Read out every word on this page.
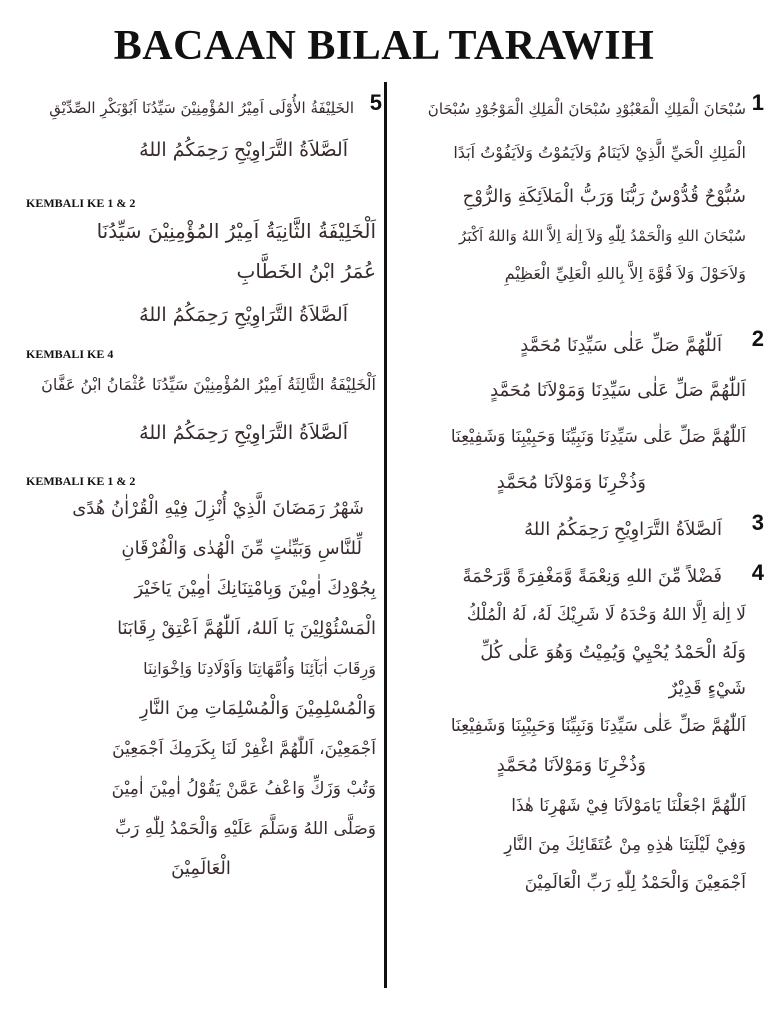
BACAAN BILAL TARAWIH
5
الخَلِيْفَةُ الأُوْلَى اَمِيْرُ المُؤْمِنِيْنَ سَيِّدُنَا اَبُوْبَكْرِ الصِّدِّيْقِ
اَلصَّلاَةُ التَّرَاوِيْحِ رَحِمَكُمُ اللهُ

KEMBALI KE 1 & 2

اَلْخَلِيْفَةُ الثَّانِيَةُ اَمِيْرُ المُؤْمِنِيْنَ سَيِّدُنَا
عُمَرُ ابْنُ الخَطَّابِ
اَلصَّلاَةُ التَّرَاوِيْحِ رَحِمَكُمُ اللهُ

KEMBALI KE 4

اَلْخَلِيْفَةُ الثَّالِثَةُ اَمِيْرُ المُؤْمِنِيْنَ سَيِّدُنَا عُثْمَانُ ابْنُ عَفَّانَ
اَلصَّلاَةُ التَّرَاوِيْحِ رَحِمَكُمُ اللهُ

KEMBALI KE 1 & 2

شَهْرُ رَمَضَانَ الَّذِيْ أُنْزِلَ فِيْهِ الْقُرْاٰنُ هُدًى
لِّلنَّاسِ وَبَيِّنٰتٍ مِّنَ الْهُدٰى وَالْفُرْقَانِ
بِجُوْدِكَ اٰمِيْنَ وَبِامْتِنَانِكَ اٰمِيْنَ يَاخَيْرَ
الْمَسْئُوْلِيْنَ يَا اَللهُ، اَللّٰهُمَّ اَعْتِقْ رِقَابَنَا
وَرِقَابَ اٰبَآئِنَا وَاُمَّهَاتِنَا وَاَوْلَادِنَا وَاِخْوَانِنَا
وَالْمُسْلِمِيْنَ وَالْمُسْلِمَاتِ مِنَ النَّارِ
اَجْمَعِيْنَ، اَللّٰهُمَّ اغْفِرْ لَنَا بِكَرَمِكَ اَجْمَعِيْنَ
وَتُبْ وَزَكِّ وَاعْفُ عَمَّنْ يَقُوْلُ اٰمِيْنَ اٰمِيْنَ
وَصَلَّى اللهُ وَسَلَّمَ عَلَيْهِ وَالْحَمْدُ لِلّٰهِ رَبِّ
الْعَالَمِيْنَ
1
سُبْحَانَ الْمَلِكِ الْمَعْبُوْدِ سُبْحَانَ الْمَلِكِ الْمَوْجُوْدِ سُبْحَانَ
الْمَلِكِ الْحَيِّ الَّذِيْ لاَيَنَامُ وَلاَيَمُوْتُ وَلاَيَفُوْتُ اَبَدًا
سُبُّوْحٌ قُدُّوْسٌ رَبُّنَا وَرَبُّ الْمَلاَئِكَةِ وَالرُّوْحِ
سُبْحَانَ اللهِ وَالْحَمْدُ لِلّٰهِ وَلاَ اِلٰهَ اِلاَّ اللهُ وَاللهُ اَكْبَرُ
وَلاَحَوْلَ وَلاَ قُوَّةَ اِلاَّ بِاللهِ الْعَلِيِّ الْعَظِيْمِ
2
اَللّٰهُمَّ صَلِّ عَلٰى سَيِّدِنَا مُحَمَّدٍ
اَللّٰهُمَّ صَلِّ عَلٰى سَيِّدِنَا وَمَوْلاَنَا مُحَمَّدٍ
اَللّٰهُمَّ صَلِّ عَلٰى سَيِّدِنَا وَنَبِيِّنَا وَحَبِيْبِنَا وَشَفِيْعِنَا
وَذُخْرِنَا وَمَوْلاَنَا مُحَمَّدٍ
3
اَلصَّلاَةُ التَّرَاوِيْحِ رَحِمَكُمُ اللهُ
4
فَضْلاً مِّنَ اللهِ وَنِعْمَةً وَّمَغْفِرَةً وَّرَحْمَةً
لَا اِلٰهَ اِلَّا اللهُ وَحْدَهُ لَا شَرِيْكَ لَهُ، لَهُ الْمُلْكُ
وَلَهُ الْحَمْدُ يُحْيِيْ وَيُمِيْتُ وَهُوَ عَلٰى كُلِّ
شَيْءٍ قَدِيْرٌ
اَللّٰهُمَّ صَلِّ عَلٰى سَيِّدِنَا وَنَبِيِّنَا وَحَبِيْبِنَا وَشَفِيْعِنَا
وَذُخْرِنَا وَمَوْلاَنَا مُحَمَّدٍ
اَللّٰهُمَّ اجْعَلْنَا يَامَوْلاَنَا فِيْ شَهْرِنَا هٰذَا
وَفِيْ لَيْلَتِنَا هٰذِهِ مِنْ عُتَقَائِكَ مِنَ النَّارِ
اَجْمَعِيْنَ وَالْحَمْدُ لِلّٰهِ رَبِّ الْعَالَمِيْنَ
